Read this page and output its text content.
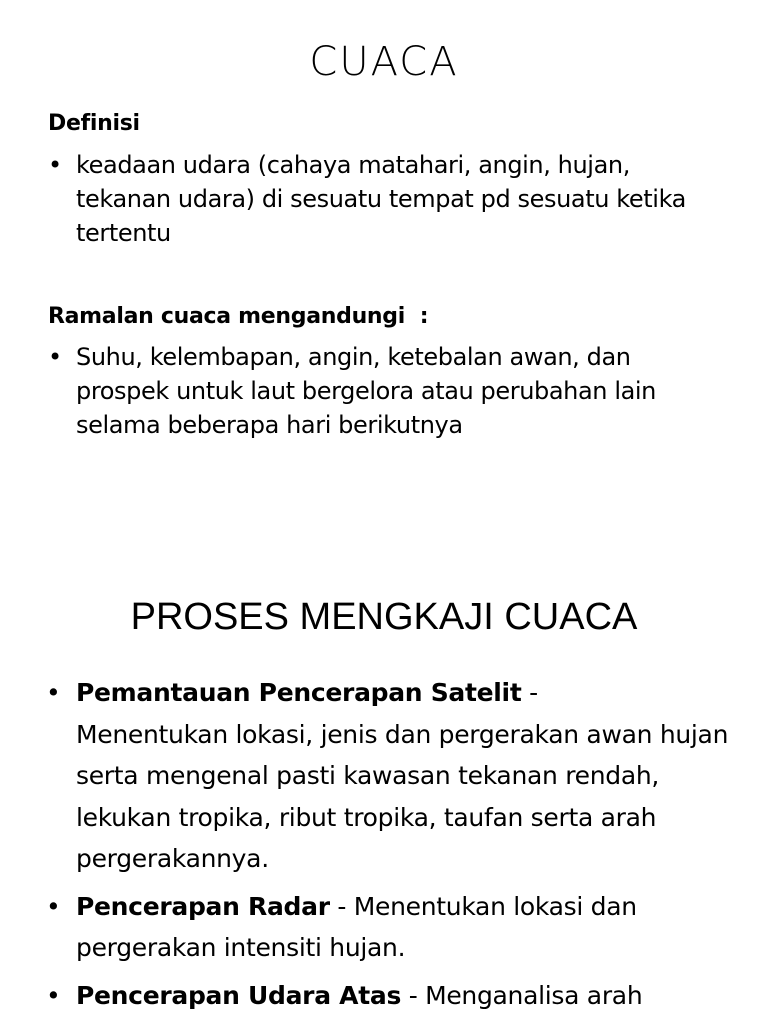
CUACA
Definisi
• keadaan udara (cahaya matahari, angin, hujan, tekanan udara) di sesuatu tempat pd sesuatu ketika tertentu
Ramalan cuaca mengandungi  :
• Suhu, kelembapan, angin, ketebalan awan, dan prospek untuk laut bergelora atau perubahan lain selama beberapa hari berikutnya
PROSES MENGKAJI CUACA
• Pemantauan Pencerapan Satelit -
Menentukan lokasi, jenis dan pergerakan awan hujan serta mengenal pasti kawasan tekanan rendah, lekukan tropika, ribut tropika, taufan serta arah pergerakannya.
• Pencerapan Radar - Menentukan lokasi dan pergerakan intensiti hujan.
• Pencerapan Udara Atas - Menganalisa arah
